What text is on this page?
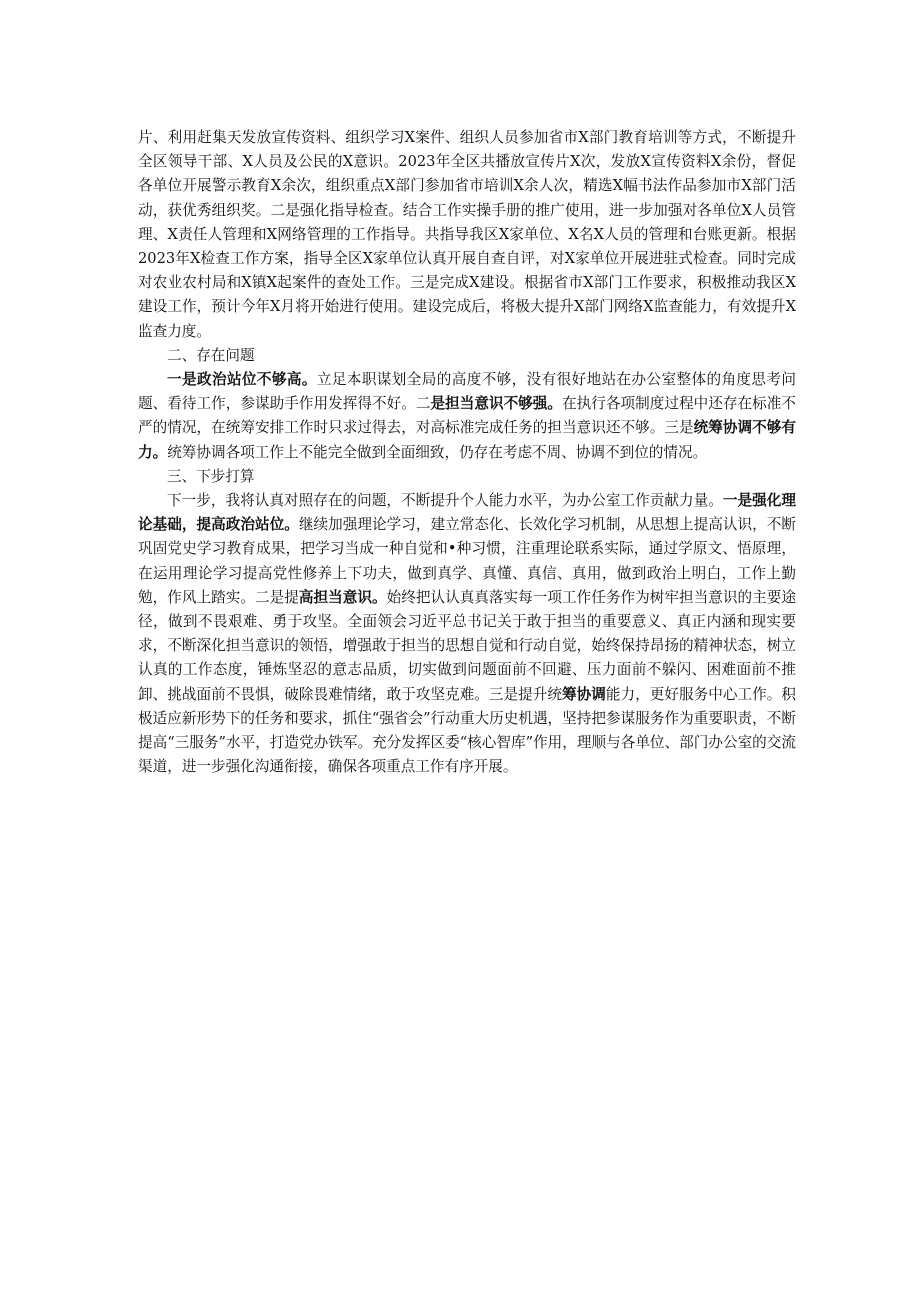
片、利用赶集天发放宣传资料、组织学习X案件、组织人员参加省市X部门教育培训等方式，不断提升全区领导干部、X人员及公民的X意识。2023年全区共播放宣传片X次，发放X宣传资料X余份，督促各单位开展警示教育X余次，组织重点X部门参加省市培训X余人次，精选X幅书法作品参加市X部门活动，获优秀组织奖。二是强化指导检查。结合工作实操手册的推广使用，进一步加强对各单位X人员管理、X责任人管理和X网络管理的工作指导。共指导我区X家单位、X名X人员的管理和台账更新。根据2023年X检查工作方案，指导全区X家单位认真开展自查自评，对X家单位开展进驻式检查。同时完成对农业农村局和X镇X起案件的查处工作。三是完成X建设。根据省市X部门工作要求，积极推动我区X建设工作，预计今年X月将开始进行使用。建设完成后，将极大提升X部门网络X监查能力，有效提升X监查力度。

二、存在问题

一是政治站位不够高。立足本职谋划全局的高度不够，没有很好地站在办公室整体的角度思考问题、看待工作，参谋助手作用发挥得不好。二是担当意识不够强。在执行各项制度过程中还存在标准不严的情况，在统筹安排工作时只求过得去，对高标准完成任务的担当意识还不够。三是统筹协调不够有力。统筹协调各项工作上不能完全做到全面细致，仍存在考虑不周、协调不到位的情况。

三、下步打算

下一步，我将认真对照存在的问题，不断提升个人能力水平，为办公室工作贡献力量。一是强化理论基础，提高政治站位。继续加强理论学习，建立常态化、长效化学习机制，从思想上提高认识，不断巩固党史学习教育成果，把学习当成一种自觉和•种习惯，注重理论联系实际，通过学原文、悟原理，在运用理论学习提高党性修养上下功夫，做到真学、真懂、真信、真用，做到政治上明白，工作上勤勉，作风上踏实。二是提高担当意识。始终把认认真真落实每一项工作任务作为树牢担当意识的主要途径，做到不畏艰难、勇于攻坚。全面领会习近平总书记关于敢于担当的重要意义、真正内涵和现实要求，不断深化担当意识的领悟，增强敢于担当的思想自觉和行动自觉，始终保持昂扬的精神状态，树立认真的工作态度，锤炼坚忍的意志品质，切实做到问题面前不回避、压力面前不躲闪、困难面前不推卸、挑战面前不畏惧，破除畏难情绪，敢于攻坚克难。三是提升统筹协调能力，更好服务中心工作。积极适应新形势下的任务和要求，抓住“强省会”行动重大历史机遇，坚持把参谋服务作为重要职责，不断提高“三服务”水平，打造党办铁军。充分发挥区委“核心智库”作用，理顺与各单位、部门办公室的交流渠道，进一步强化沟通衔接，确保各项重点工作有序开展。
